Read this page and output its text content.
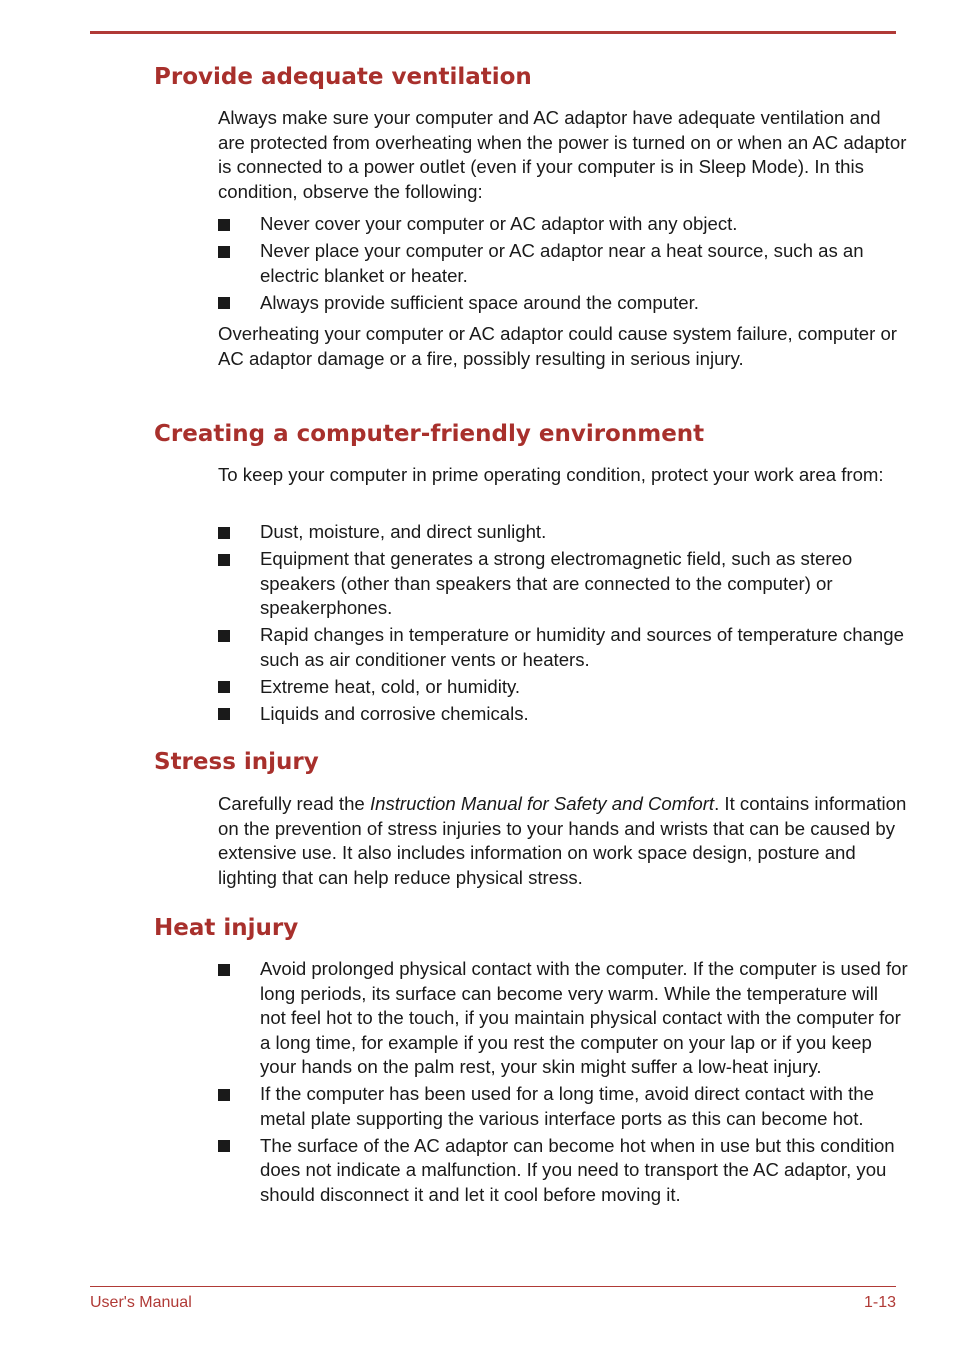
Provide adequate ventilation

Always make sure your computer and AC adaptor have adequate ventilation and are protected from overheating when the power is turned on or when an AC adaptor is connected to a power outlet (even if your computer is in Sleep Mode). In this condition, observe the following:

Never cover your computer or AC adaptor with any object.
Never place your computer or AC adaptor near a heat source, such as an electric blanket or heater.
Always provide sufficient space around the computer.

Overheating your computer or AC adaptor could cause system failure, computer or AC adaptor damage or a fire, possibly resulting in serious injury.

Creating a computer-friendly environment

To keep your computer in prime operating condition, protect your work area from:

Dust, moisture, and direct sunlight.
Equipment that generates a strong electromagnetic field, such as stereo speakers (other than speakers that are connected to the computer) or speakerphones.
Rapid changes in temperature or humidity and sources of temperature change such as air conditioner vents or heaters.
Extreme heat, cold, or humidity.
Liquids and corrosive chemicals.
Stress injury

Carefully read the Instruction Manual for Safety and Comfort. It contains information on the prevention of stress injuries to your hands and wrists that can be caused by extensive use. It also includes information on work space design, posture and lighting that can help reduce physical stress.

Heat injury
Avoid prolonged physical contact with the computer. If the computer is used for long periods, its surface can become very warm. While the temperature will not feel hot to the touch, if you maintain physical contact with the computer for a long time, for example if you rest the computer on your lap or if you keep your hands on the palm rest, your skin might suffer a low-heat injury.
If the computer has been used for a long time, avoid direct contact with the metal plate supporting the various interface ports as this can become hot.
The surface of the AC adaptor can become hot when in use but this condition does not indicate a malfunction. If you need to transport the AC adaptor, you should disconnect it and let it cool before moving it.
User's Manual	1-13
